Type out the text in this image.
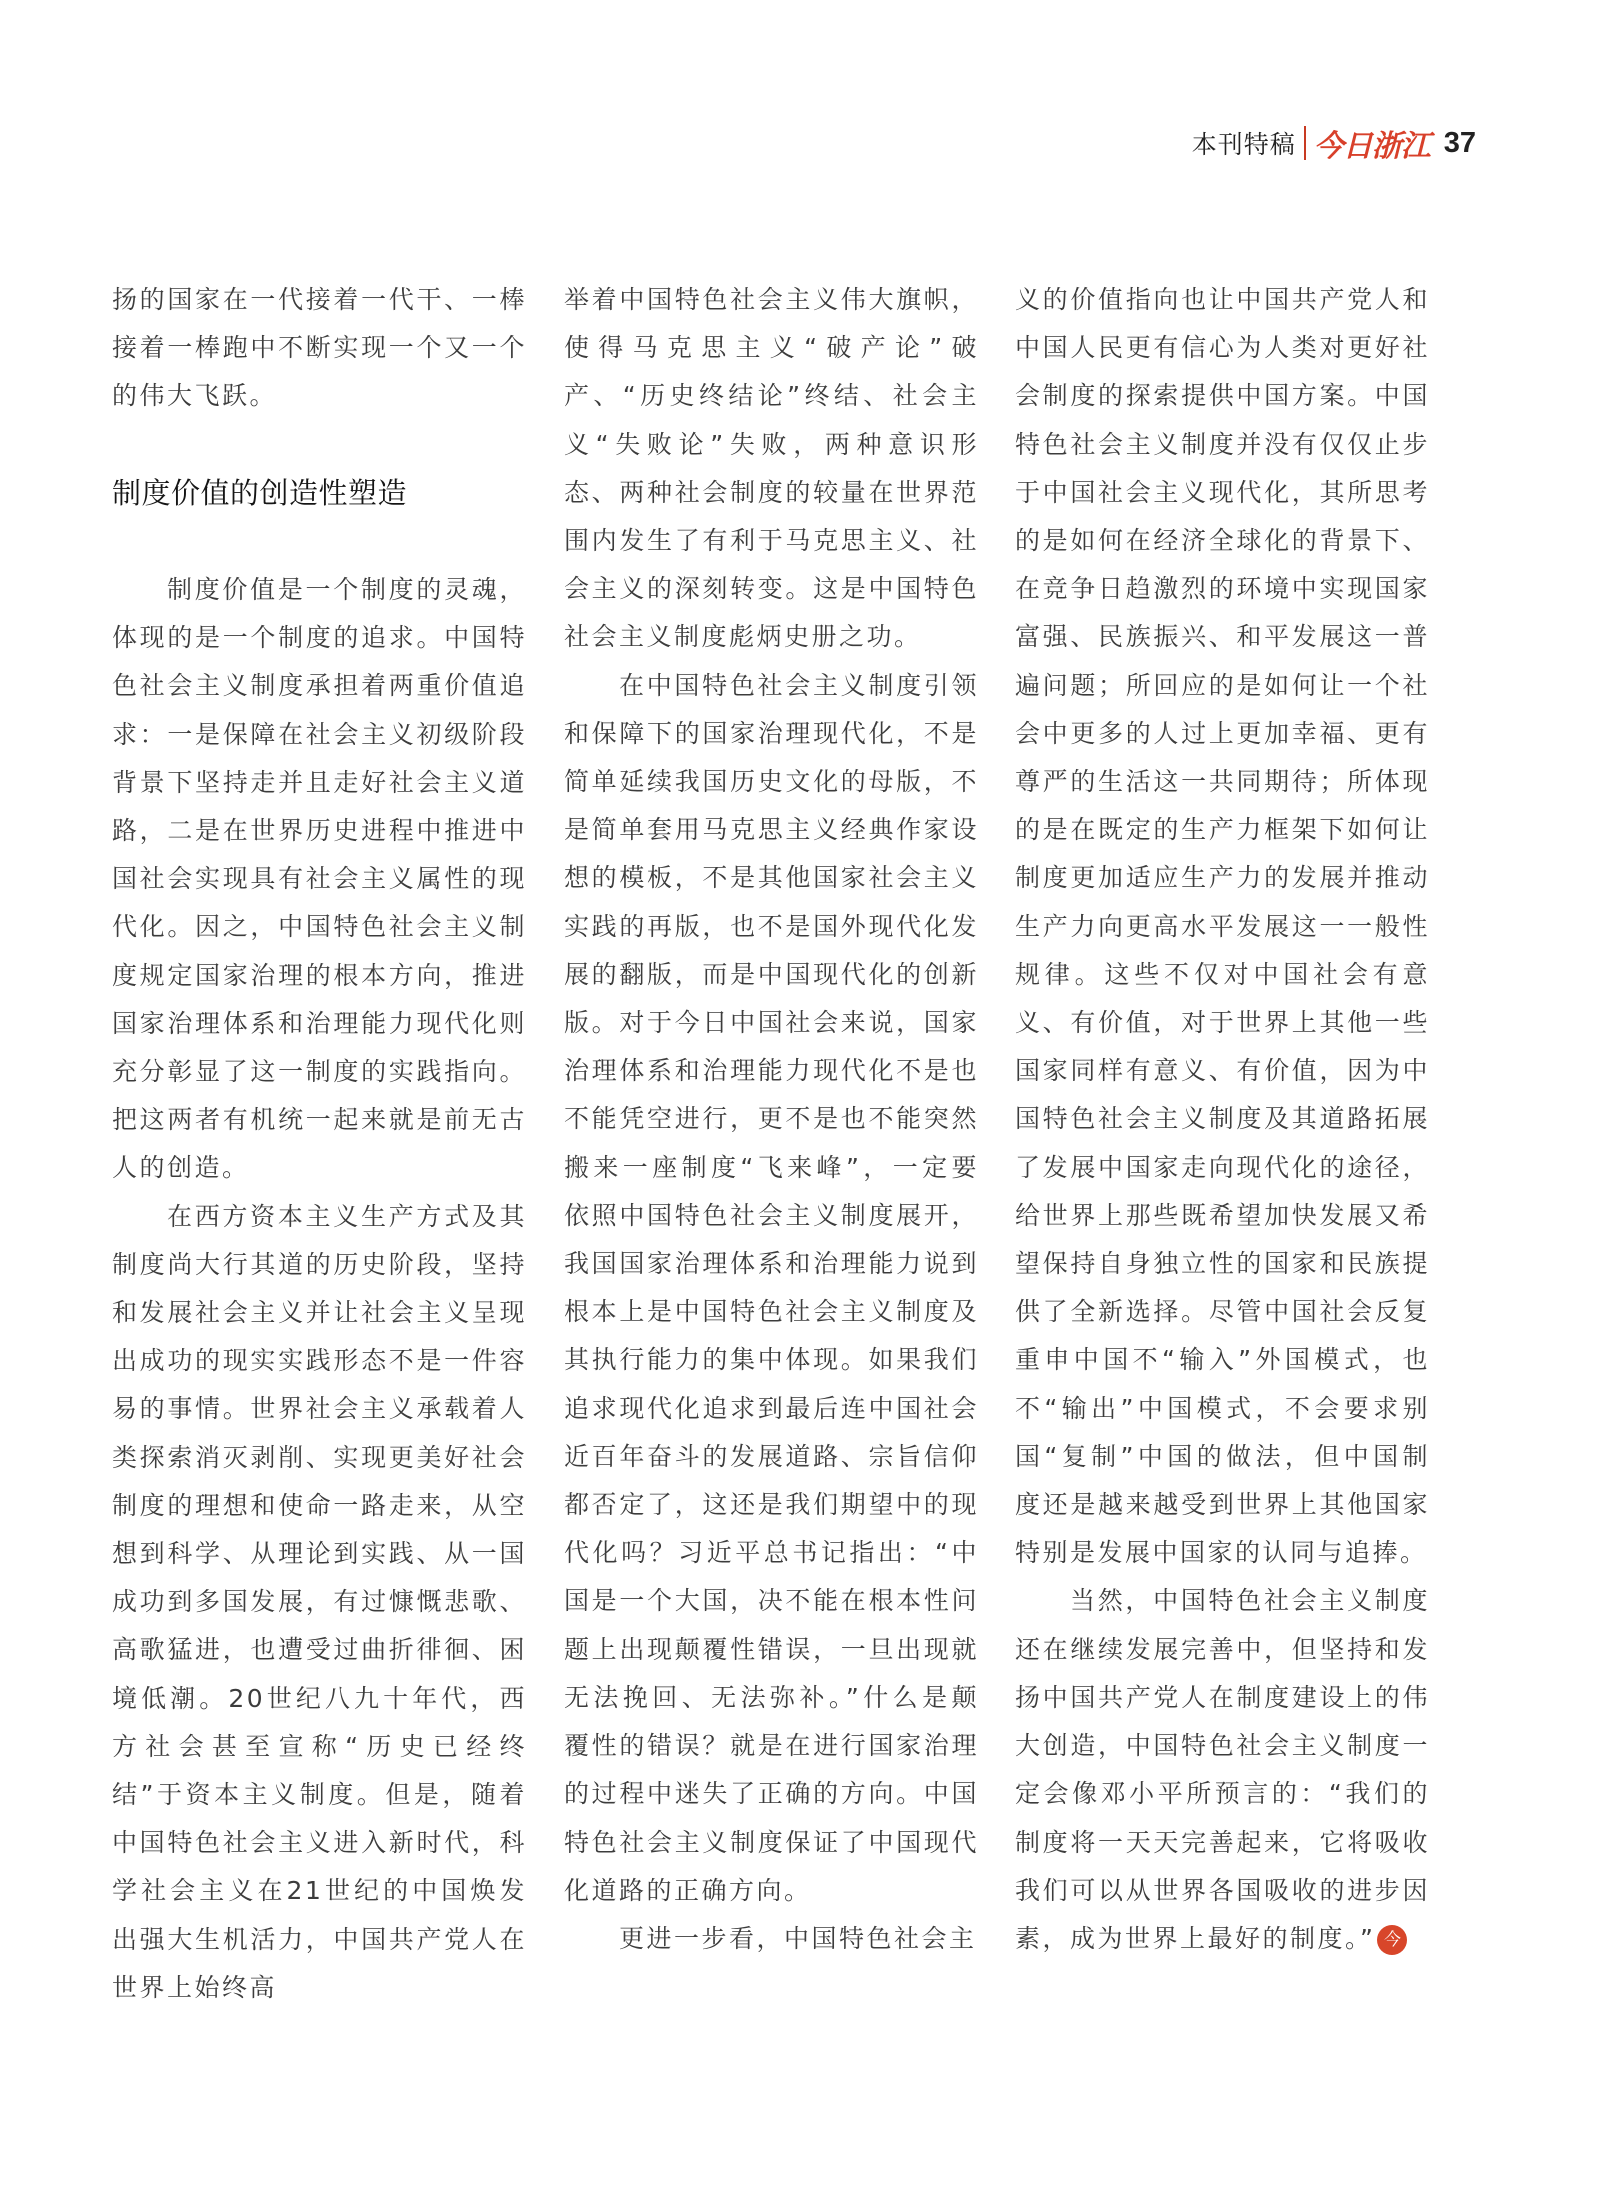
本刊特稿 今日浙江 37

扬的国家在一代接着一代干、一棒接着一棒跑中不断实现一个又一个的伟大飞跃。

制度价值的创造性塑造

制度价值是一个制度的灵魂，体现的是一个制度的追求。中国特色社会主义制度承担着两重价值追求：一是保障在社会主义初级阶段背景下坚持走并且走好社会主义道路，二是在世界历史进程中推进中国社会实现具有社会主义属性的现代化。因之，中国特色社会主义制度规定国家治理的根本方向，推进国家治理体系和治理能力现代化则充分彰显了这一制度的实践指向。把这两者有机统一起来就是前无古人的创造。

在西方资本主义生产方式及其制度尚大行其道的历史阶段，坚持和发展社会主义并让社会主义呈现出成功的现实实践形态不是一件容易的事情。世界社会主义承载着人类探索消灭剥削、实现更美好社会制度的理想和使命一路走来，从空想到科学、从理论到实践、从一国成功到多国发展，有过慷慨悲歌、高歌猛进，也遭受过曲折徘徊、困境低潮。20世纪八九十年代，西方社会甚至宣称“历史已经终结”于资本主义制度。但是，随着中国特色社会主义进入新时代，科学社会主义在21世纪的中国焕发出强大生机活力，中国共产党人在世界上始终高

举着中国特色社会主义伟大旗帜，使得马克思主义“破产论”破产、“历史终结论”终结、社会主义“失败论”失败，两种意识形态、两种社会制度的较量在世界范围内发生了有利于马克思主义、社会主义的深刻转变。这是中国特色社会主义制度彪炳史册之功。

在中国特色社会主义制度引领和保障下的国家治理现代化，不是简单延续我国历史文化的母版，不是简单套用马克思主义经典作家设想的模板，不是其他国家社会主义实践的再版，也不是国外现代化发展的翻版，而是中国现代化的创新版。对于今日中国社会来说，国家治理体系和治理能力现代化不是也不能凭空进行，更不是也不能突然搬来一座制度“飞来峰”，一定要依照中国特色社会主义制度展开，我国国家治理体系和治理能力说到根本上是中国特色社会主义制度及其执行能力的集中体现。如果我们追求现代化追求到最后连中国社会近百年奋斗的发展道路、宗旨信仰都否定了，这还是我们期望中的现代化吗？习近平总书记指出：“中国是一个大国，决不能在根本性问题上出现颠覆性错误，一旦出现就无法挽回、无法弥补。”什么是颠覆性的错误？就是在进行国家治理的过程中迷失了正确的方向。中国特色社会主义制度保证了中国现代化道路的正确方向。

更进一步看，中国特色社会主

义的价值指向也让中国共产党人和中国人民更有信心为人类对更好社会制度的探索提供中国方案。中国特色社会主义制度并没有仅仅止步于中国社会主义现代化，其所思考的是如何在经济全球化的背景下、在竞争日趋激烈的环境中实现国家富强、民族振兴、和平发展这一普遍问题；所回应的是如何让一个社会中更多的人过上更加幸福、更有尊严的生活这一共同期待；所体现的是在既定的生产力框架下如何让制度更加适应生产力的发展并推动生产力向更高水平发展这一一般性规律。这些不仅对中国社会有意义、有价值，对于世界上其他一些国家同样有意义、有价值，因为中国特色社会主义制度及其道路拓展了发展中国家走向现代化的途径，给世界上那些既希望加快发展又希望保持自身独立性的国家和民族提供了全新选择。尽管中国社会反复重申中国不“输入”外国模式，也不“输出”中国模式，不会要求别国“复制”中国的做法，但中国制度还是越来越受到世界上其他国家特别是发展中国家的认同与追捧。

当然，中国特色社会主义制度还在继续发展完善中，但坚持和发扬中国共产党人在制度建设上的伟大创造，中国特色社会主义制度一定会像邓小平所预言的：“我们的制度将一天天完善起来，它将吸收我们可以从世界各国吸收的进步因素，成为世界上最好的制度。” 今
